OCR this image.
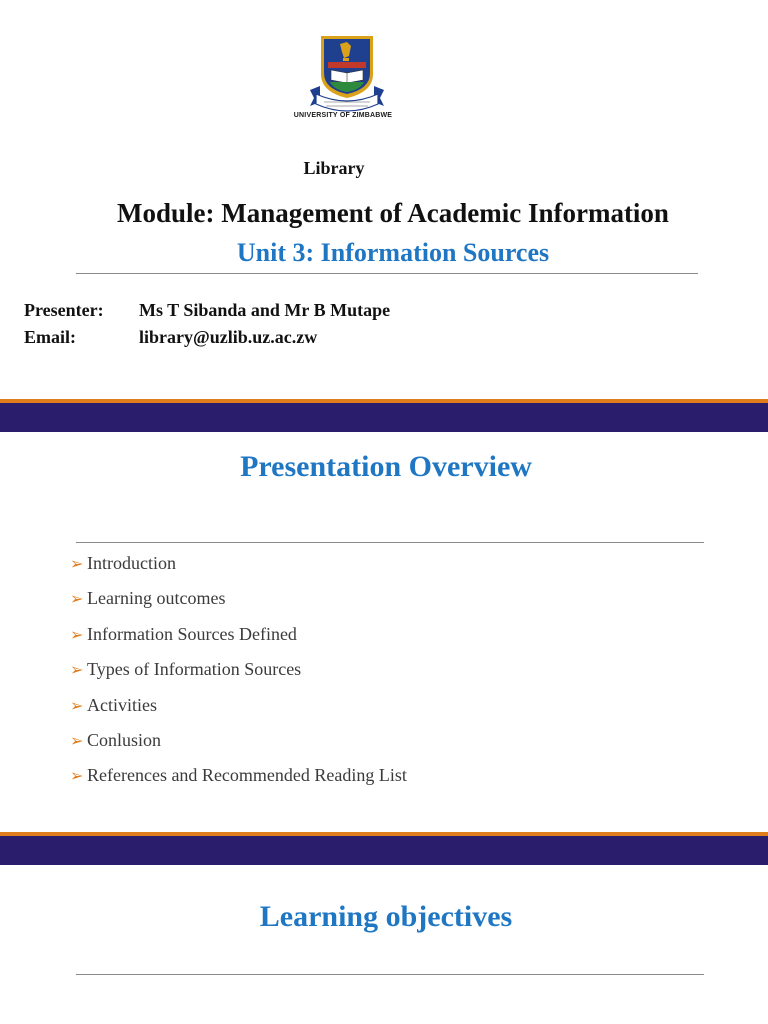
UNIVERSITY OF ZIMBABWE
Library
Module: Management of Academic Information
Unit 3: Information Sources
Presenter: Ms T Sibanda and Mr B Mutape
Email:	library@uzlib.uz.ac.zw
Presentation Overview
➢ Introduction
➢ Learning outcomes
➢ Information Sources Defined
➢ Types of Information Sources
➢ Activities
➢ Conlusion
➢ References and Recommended Reading List
Learning objectives
